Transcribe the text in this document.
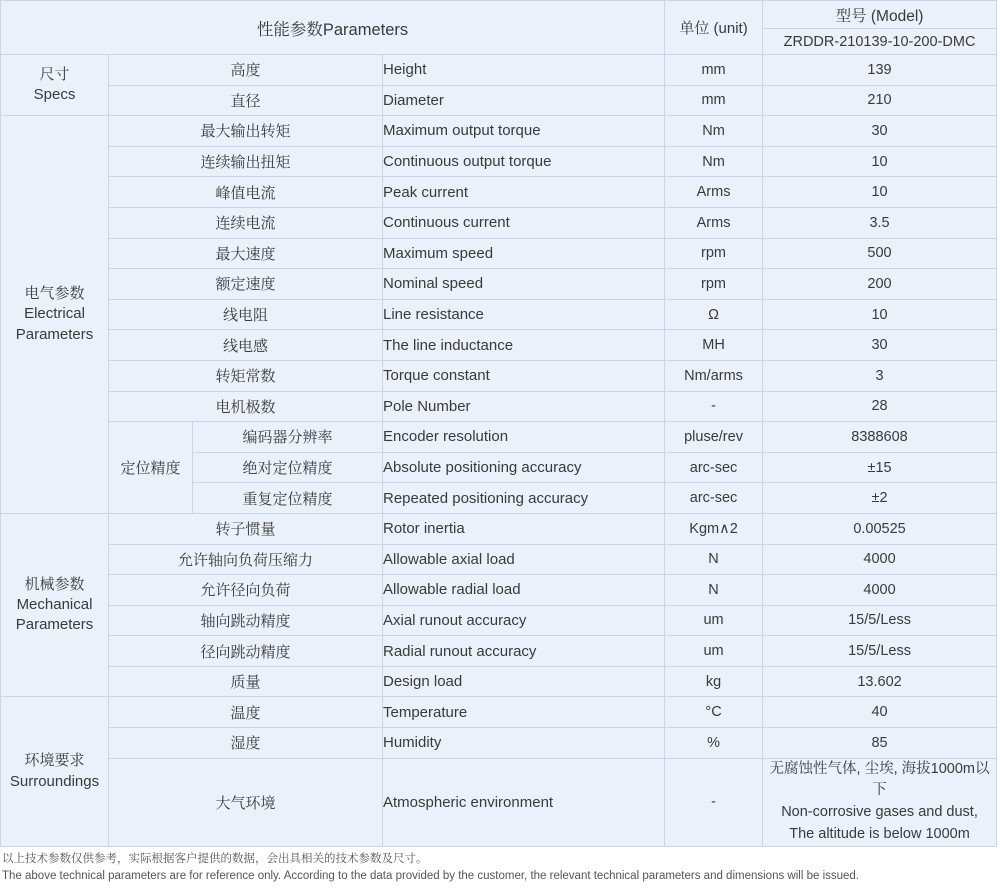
性能参数Parameters				单位 (unit)	型号 (Model)
					ZRDDR-210139-10-200-DMC

尺寸
Specs	高度		Height	mm	139
	直径		Diameter	mm	210

电气参数
Electrical
Parameters	最大输出转矩		Maximum output torque	Nm	30
	连续输出扭矩		Continuous output torque	Nm	10
	峰值电流		Peak current	Arms	10
	连续电流		Continuous current	Arms	3.5
	最大速度		Maximum speed	rpm	500
	额定速度		Nominal speed	rpm	200
	线电阻		Line resistance	Ω	10
	线电感		The line inductance	MH	30
	转矩常数		Torque constant	Nm/arms	3
	电机极数		Pole Number	-	28
	定位精度	编码器分辨率	Encoder resolution	pluse/rev	8388608
		绝对定位精度	Absolute positioning accuracy	arc-sec	±15
		重复定位精度	Repeated positioning accuracy	arc-sec	±2

机械参数
Mechanical
Parameters	转子惯量		Rotor inertia	Kgm∧2	0.00525
	允许轴向负荷压缩力		Allowable axial load	N	4000
	允许径向负荷		Allowable radial load	N	4000
	轴向跳动精度		Axial runout accuracy	um	15/5/Less
	径向跳动精度		Radial runout accuracy	um	15/5/Less
	质量		Design load	kg	13.602

环境要求
Surroundings	温度		Temperature	°C	40
	湿度		Humidity	%	85
	大气环境		Atmospheric environment	-	无腐蚀性气体, 尘埃, 海拔1000m以下
Non-corrosive gases and dust,
The altitude is below 1000m
以上技术参数仅供参考，实际根据客户提供的数据，会出具相关的技术参数及尺寸。
The above technical parameters are for reference only. According to the data provided by the customer, the relevant technical parameters and dimensions will be issued.
